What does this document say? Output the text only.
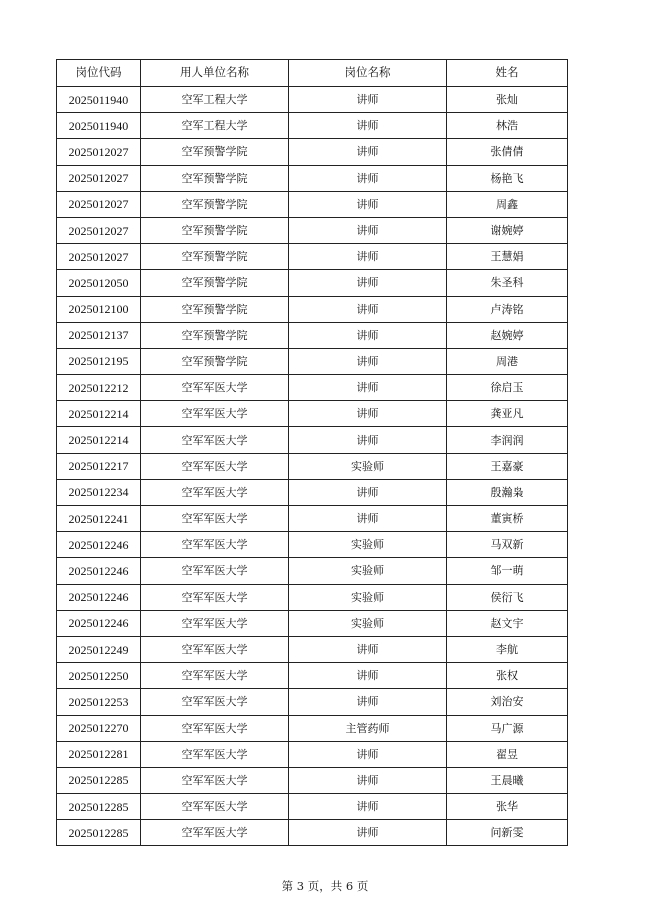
岗位代码	用人单位名称	岗位名称	姓名
2025011940	空军工程大学	讲师	张灿
2025011940	空军工程大学	讲师	林浩
2025012027	空军预警学院	讲师	张倩倩
2025012027	空军预警学院	讲师	杨艳飞
2025012027	空军预警学院	讲师	周鑫
2025012027	空军预警学院	讲师	谢婉婷
2025012027	空军预警学院	讲师	王慧娟
2025012050	空军预警学院	讲师	朱圣科
2025012100	空军预警学院	讲师	卢涛铭
2025012137	空军预警学院	讲师	赵婉婷
2025012195	空军预警学院	讲师	周港
2025012212	空军军医大学	讲师	徐启玉
2025012214	空军军医大学	讲师	龚亚凡
2025012214	空军军医大学	讲师	李润润
2025012217	空军军医大学	实验师	王嘉豪
2025012234	空军军医大学	讲师	殷瀚枭
2025012241	空军军医大学	讲师	董寅桥
2025012246	空军军医大学	实验师	马双新
2025012246	空军军医大学	实验师	邹一萌
2025012246	空军军医大学	实验师	侯衍飞
2025012246	空军军医大学	实验师	赵文宇
2025012249	空军军医大学	讲师	李航
2025012250	空军军医大学	讲师	张权
2025012253	空军军医大学	讲师	刘治安
2025012270	空军军医大学	主管药师	马广源
2025012281	空军军医大学	讲师	翟昱
2025012285	空军军医大学	讲师	王晨曦
2025012285	空军军医大学	讲师	张华
2025012285	空军军医大学	讲师	问新雯
第 3 页，共 6 页
